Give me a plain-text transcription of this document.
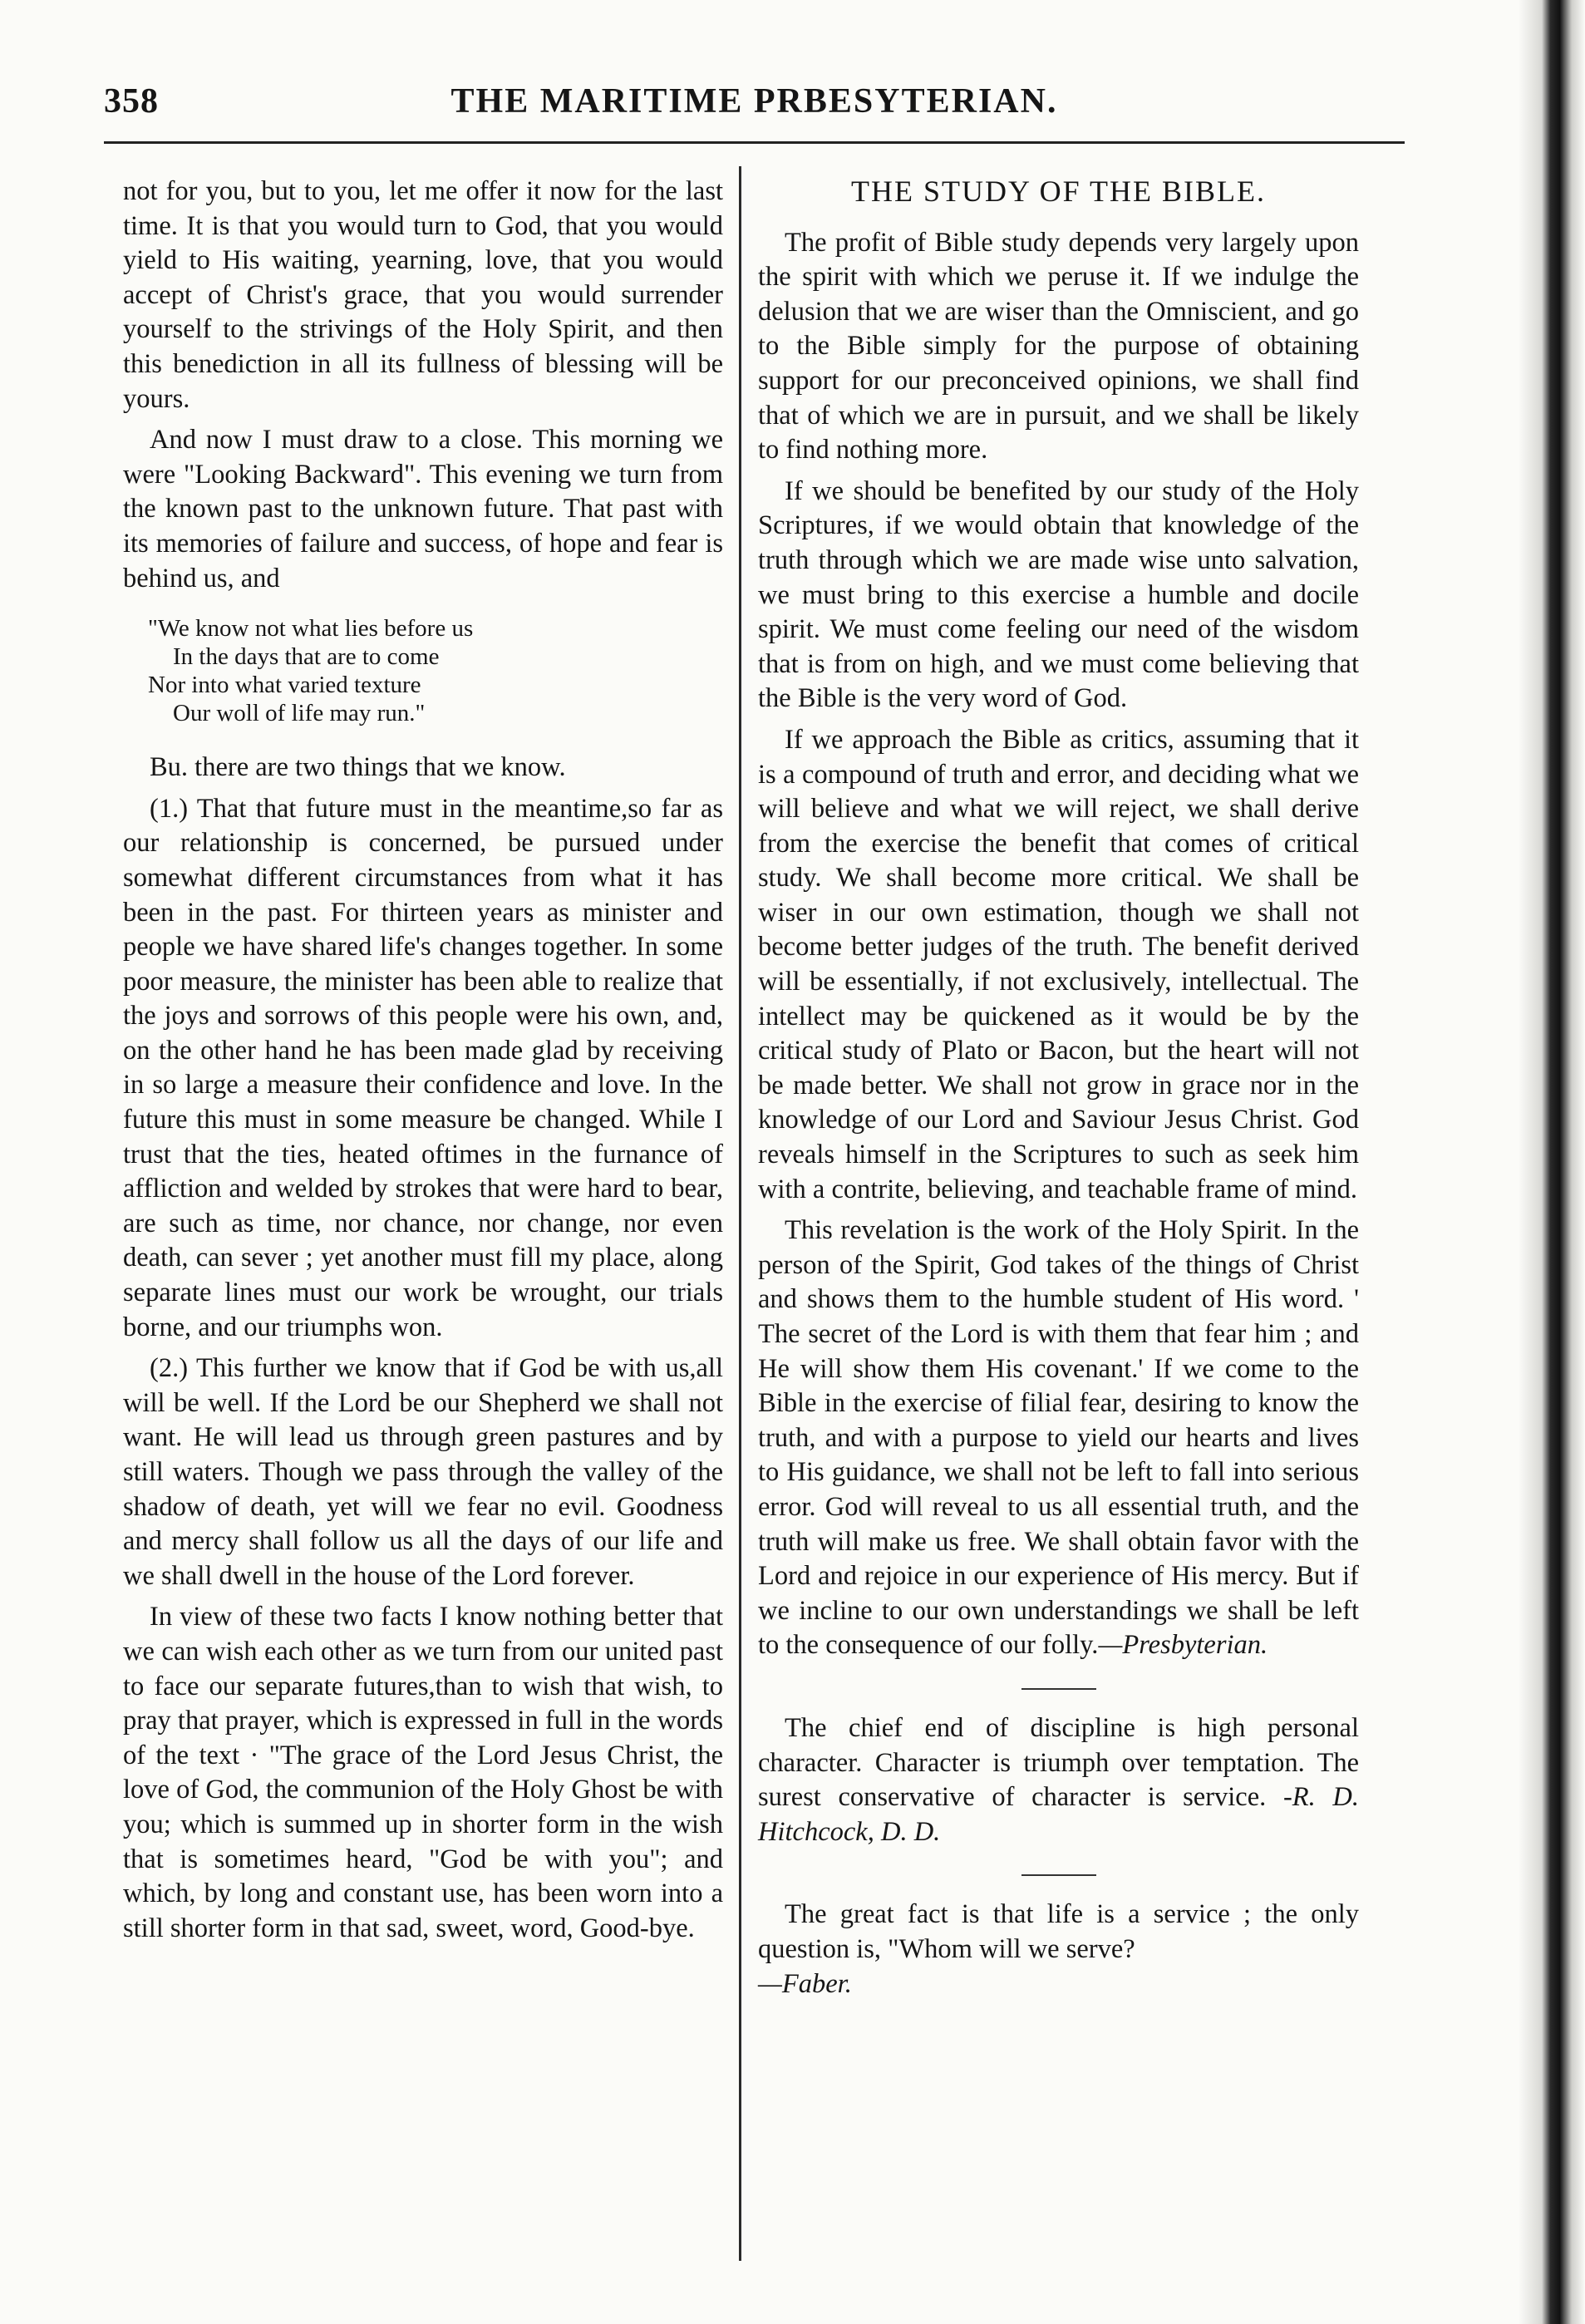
358	THE MARITIME PRBESYTERIAN.

not for you, but to you, let me offer it now for the last time. It is that you would turn to God, that you would yield to His waiting, yearning, love, that you would accept of Christ's grace, that you would surrender yourself to the strivings of the Holy Spirit, and then this benediction in all its fullness of blessing will be yours.

And now I must draw to a close. This morning we were "Looking Backward". This evening we turn from the known past to the unknown future. That past with its memories of failure and success, of hope and fear is behind us, and

"We know not what lies before us
In the days that are to come
Nor into what varied texture
Our woll of life may run."

Bu. there are two things that we know.

(1.) That that future must in the meantime,so far as our relationship is concerned, be pursued under somewhat different circumstances from what it has been in the past. For thirteen years as minister and people we have shared life's changes together. In some poor measure, the minister has been able to realize that the joys and sorrows of this people were his own, and, on the other hand he has been made glad by receiving in so large a measure their confidence and love. In the future this must in some measure be changed. While I trust that the ties, heated oftimes in the furnance of affliction and welded by strokes that were hard to bear, are such as time, nor chance, nor change, nor even death, can sever ; yet another must fill my place, along separate lines must our work be wrought, our trials borne, and our triumphs won.

(2.) This further we know that if God be with us,all will be well. If the Lord be our Shepherd we shall not want. He will lead us through green pastures and by still waters. Though we pass through the valley of the shadow of death, yet will we fear no evil. Goodness and mercy shall follow us all the days of our life and we shall dwell in the house of the Lord forever.

In view of these two facts I know nothing better that we can wish each other as we turn from our united past to face our separate futures,than to wish that wish, to pray that prayer, which is expressed in full in the words of the text · "The grace of the Lord Jesus Christ, the love of God, the communion of the Holy Ghost be with you; which is summed up in shorter form in the wish that is sometimes heard, "God be with you"; and which, by long and constant use, has been worn into a still shorter form in that sad, sweet, word, Good-bye.

THE STUDY OF THE BIBLE.

The profit of Bible study depends very largely upon the spirit with which we peruse it. If we indulge the delusion that we are wiser than the Omniscient, and go to the Bible simply for the purpose of obtaining support for our preconceived opinions, we shall find that of which we are in pursuit, and we shall be likely to find nothing more.

If we should be benefited by our study of the Holy Scriptures, if we would obtain that knowledge of the truth through which we are made wise unto salvation, we must bring to this exercise a humble and docile spirit. We must come feeling our need of the wisdom that is from on high, and we must come believing that the Bible is the very word of God.

If we approach the Bible as critics, assuming that it is a compound of truth and error, and deciding what we will believe and what we will reject, we shall derive from the exercise the benefit that comes of critical study. We shall become more critical. We shall be wiser in our own estimation, though we shall not become better judges of the truth. The benefit derived will be essentially, if not exclusively, intellectual. The intellect may be quickened as it would be by the critical study of Plato or Bacon, but the heart will not be made better. We shall not grow in grace nor in the knowledge of our Lord and Saviour Jesus Christ. God reveals himself in the Scriptures to such as seek him with a contrite, believing, and teachable frame of mind.

This revelation is the work of the Holy Spirit. In the person of the Spirit, God takes of the things of Christ and shows them to the humble student of His word. ' The secret of the Lord is with them that fear him ; and He will show them His covenant.' If we come to the Bible in the exercise of filial fear, desiring to know the truth, and with a purpose to yield our hearts and lives to His guidance, we shall not be left to fall into serious error. God will reveal to us all essential truth, and the truth will make us free. We shall obtain favor with the Lord and rejoice in our experience of His mercy. But if we incline to our own understandings we shall be left to the consequence of our folly.—Presbyterian.

The chief end of discipline is high personal character. Character is triumph over temptation. The surest conservative of character is service. -R. D. Hitchcock, D. D.

The great fact is that life is a service ; the only question is, "Whom will we serve?
—Faber.
